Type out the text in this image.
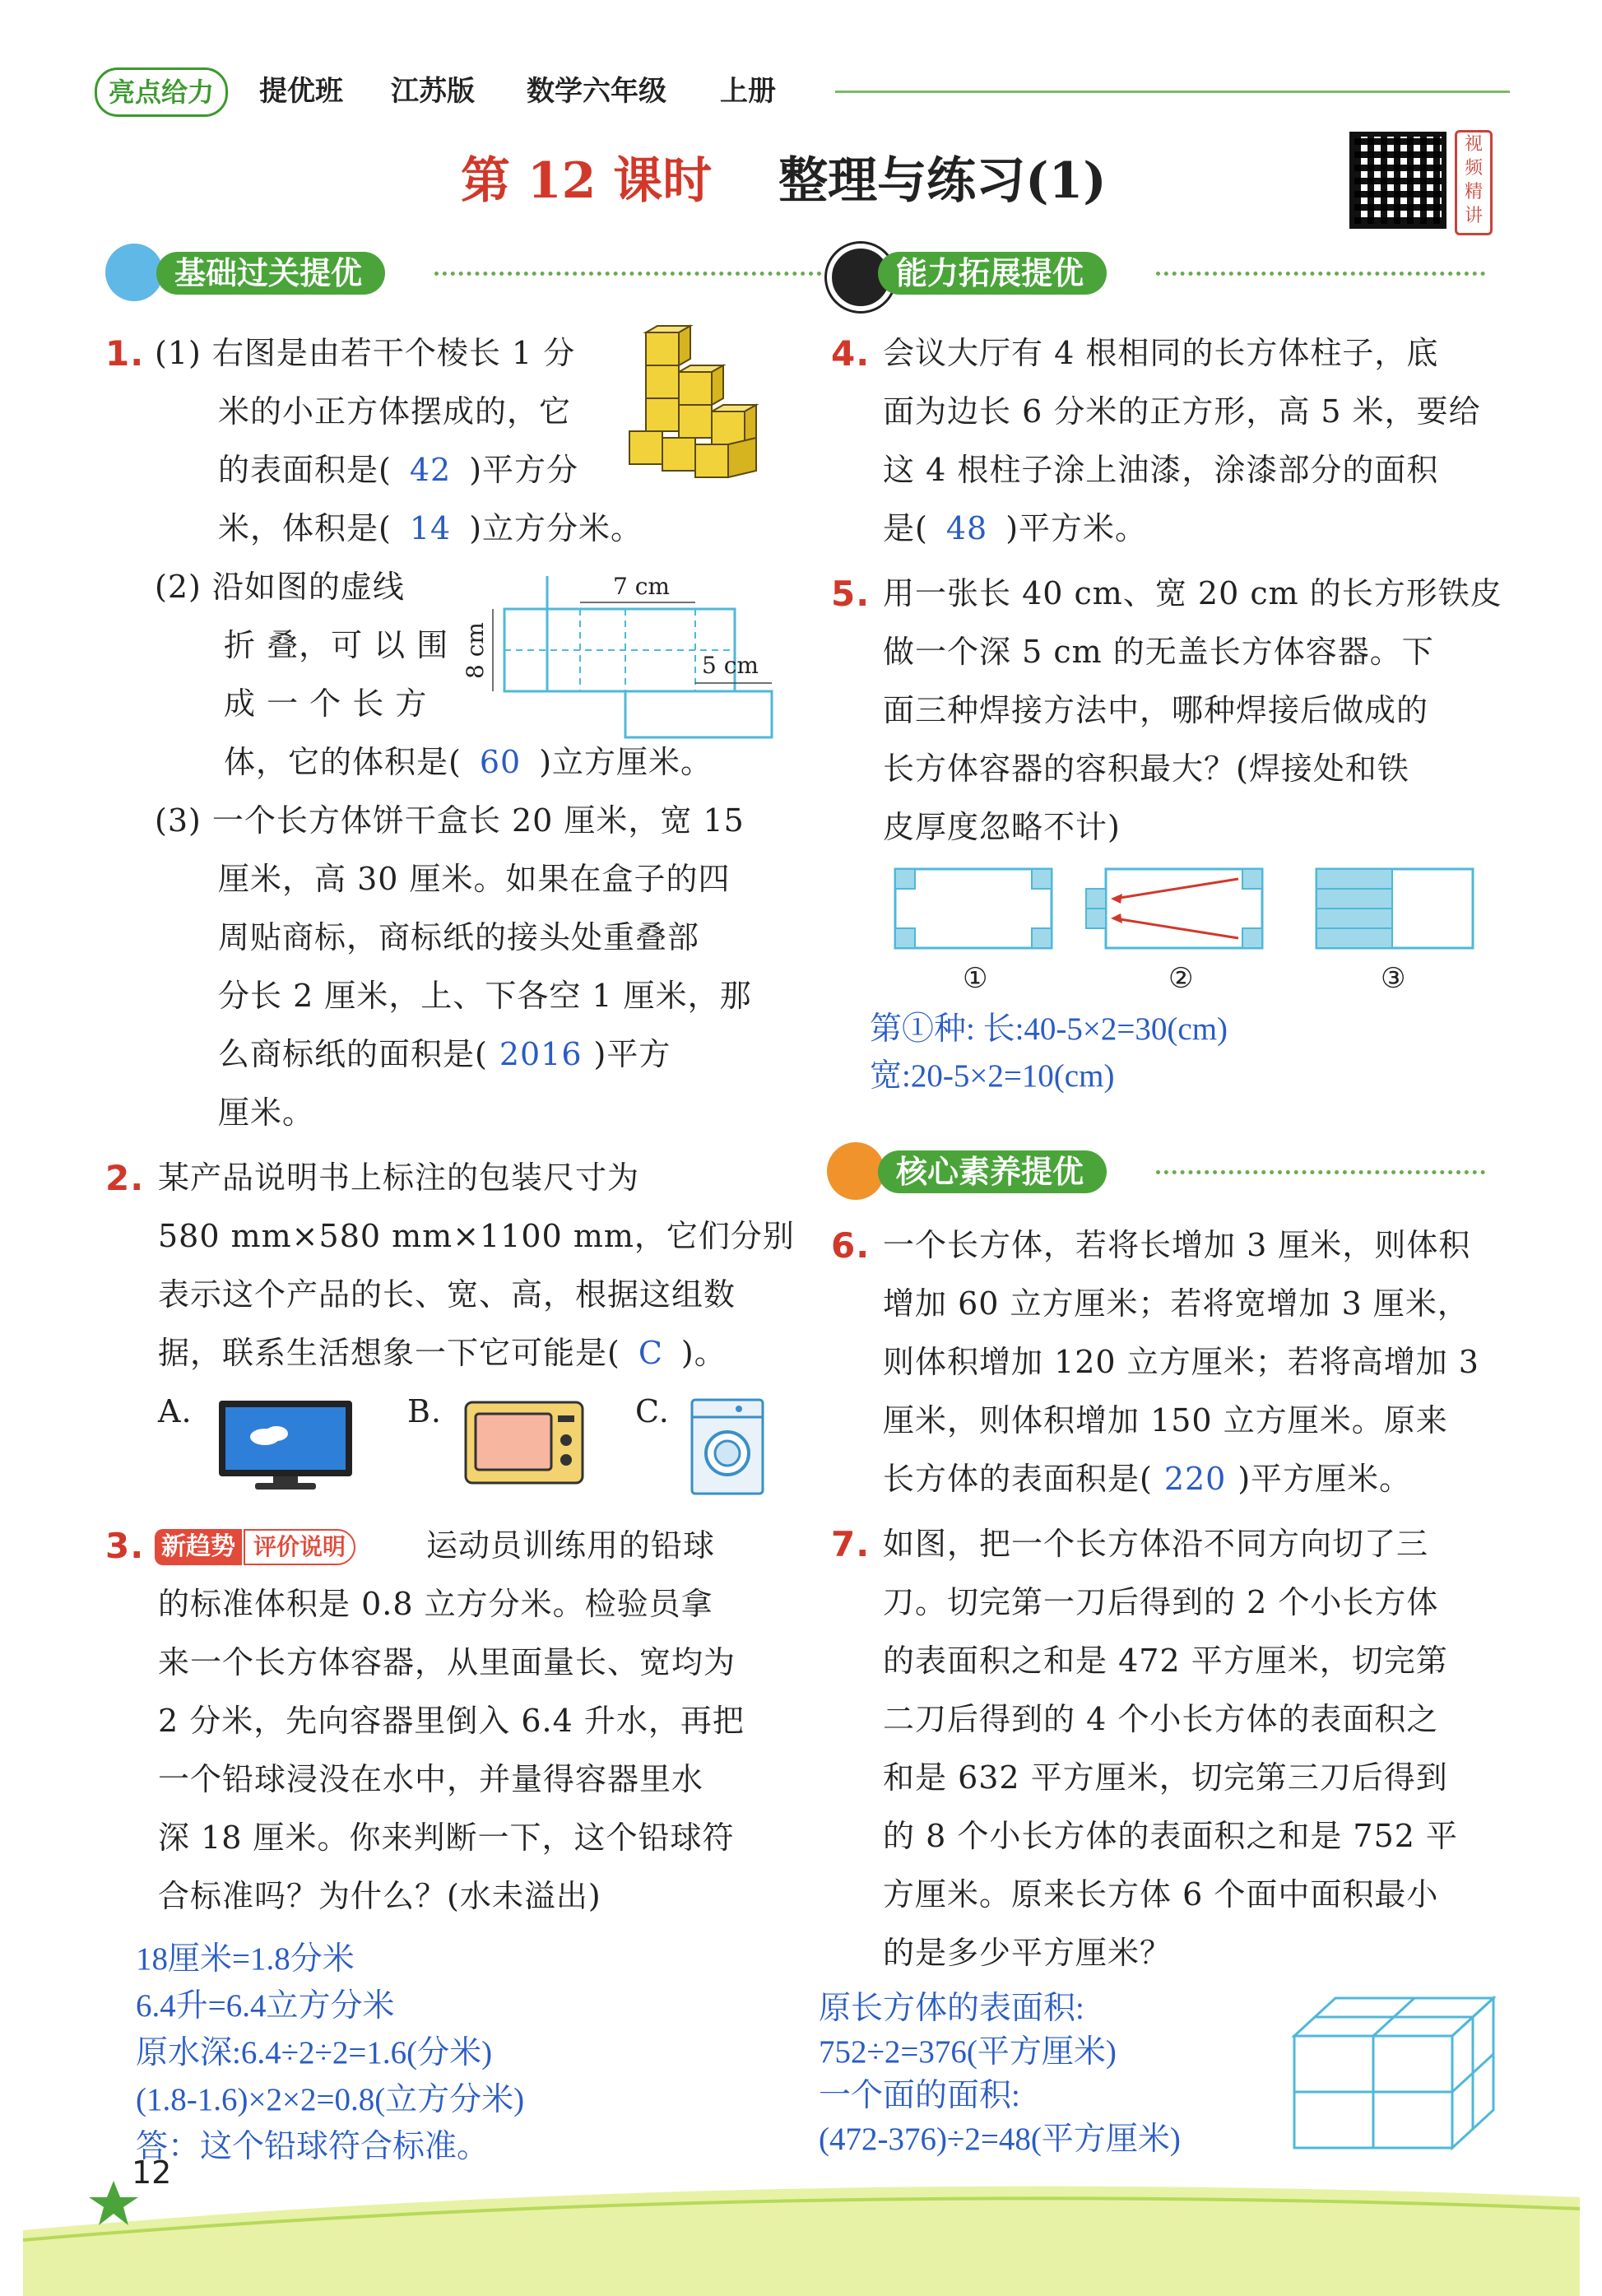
亮点给力	提优班 江苏版 数学六年级 上册
第 12 课时 整理与练习(1)
视频精讲
基础过关提优
1. (1) 右图是由若干个棱长 1 分
米的小正方体摆成的，它
的表面积是( 42 )平方分
米，体积是( 14 )立方分米。
(2) 沿如图的虚线
折 叠，可 以 围
成 一 个 长 方
体，它的体积是( 60 )立方厘米。
7 cm
8 cm	5 cm
(3) 一个长方体饼干盒长 20 厘米，宽 15
厘米，高 30 厘米。如果在盒子的四
周贴商标，商标纸的接头处重叠部
分长 2 厘米，上、下各空 1 厘米，那
么商标纸的面积是( 2016 )平方
厘米。
2. 某产品说明书上标注的包装尺寸为
580 mm×580 mm×1100 mm，它们分别
表示这个产品的长、宽、高，根据这组数
据，联系生活想象一下它可能是( C )。
A.	B.	C.
3. 新趋势 评价说明	运动员训练用的铅球
的标准体积是 0.8 立方分米。检验员拿
来一个长方体容器，从里面量长、宽均为
2 分米，先向容器里倒入 6.4 升水，再把
一个铅球浸没在水中，并量得容器里水
深 18 厘米。你来判断一下，这个铅球符
合标准吗？为什么？(水未溢出)
18厘米=1.8分米
6.4升=6.4立方分米
原水深:6.4÷2÷2=1.6(分米)
(1.8-1.6)×2×2=0.8(立方分米)
答：这个铅球符合标准。
能力拓展提优
4. 会议大厅有 4 根相同的长方体柱子，底
面为边长 6 分米的正方形，高 5 米，要给
这 4 根柱子涂上油漆，涂漆部分的面积
是( 48 )平方米。
5. 用一张长 40 cm、宽 20 cm 的长方形铁皮
做一个深 5 cm 的无盖长方体容器。下
面三种焊接方法中，哪种焊接后做成的
长方体容器的容积最大？(焊接处和铁
皮厚度忽略不计)
①	②	③
第①种: 长:40-5×2=30(cm)
宽:20-5×2=10(cm)
核心素养提优
6. 一个长方体，若将长增加 3 厘米，则体积
增加 60 立方厘米；若将宽增加 3 厘米，
则体积增加 120 立方厘米；若将高增加 3
厘米，则体积增加 150 立方厘米。原来
长方体的表面积是( 220 )平方厘米。
7. 如图，把一个长方体沿不同方向切了三
刀。切完第一刀后得到的 2 个小长方体
的表面积之和是 472 平方厘米，切完第
二刀后得到的 4 个小长方体的表面积之
和是 632 平方厘米，切完第三刀后得到
的 8 个小长方体的表面积之和是 752 平
方厘米。原来长方体 6 个面中面积最小
的是多少平方厘米？
原长方体的表面积:
752÷2=376(平方厘米)
一个面的面积:
(472-376)÷2=48(平方厘米)
12
